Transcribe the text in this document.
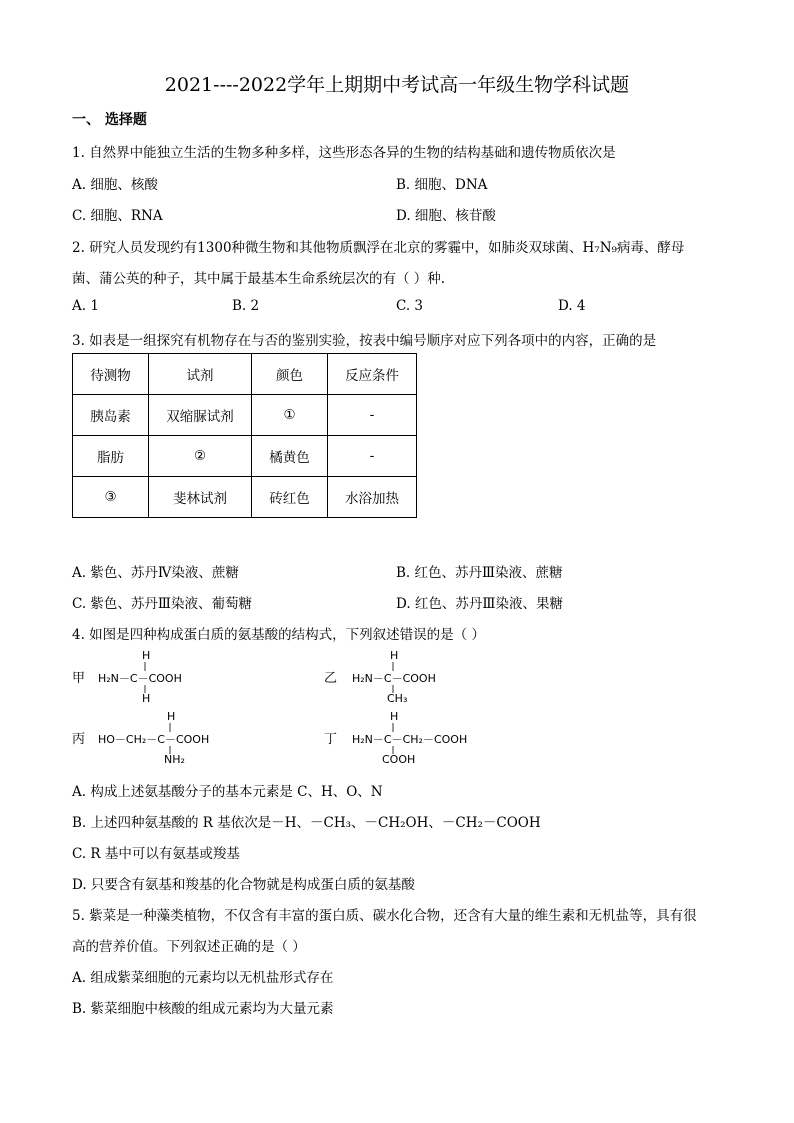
2021----2022学年上期期中考试高一年级生物学科试题
一、 选择题
1. 自然界中能独立生活的生物多种多样，这些形态各异的生物的结构基础和遗传物质依次是
A. 细胞、核酸	B. 细胞、DNA
C. 细胞、RNA	D. 细胞、核苷酸
2. 研究人员发现约有1300种微生物和其他物质飘浮在北京的雾霾中，如肺炎双球菌、H₇N₉病毒、酵母
菌、蒲公英的种子，其中属于最基本生命系统层次的有（ ）种.
A. 1	B. 2	C. 3	D. 4
3. 如表是一组探究有机物存在与否的鉴别实验，按表中编号顺序对应下列各项中的内容，正确的是
待测物	试剂	颜色	反应条件
胰岛素	双缩脲试剂	①	-
脂肪	②	橘黄色	-
③	斐林试剂	砖红色	水浴加热
A. 紫色、苏丹Ⅳ染液、蔗糖	B. 红色、苏丹Ⅲ染液、蔗糖
C. 紫色、苏丹Ⅲ染液、葡萄糖	D. 红色、苏丹Ⅲ染液、果糖
4. 如图是四种构成蛋白质的氨基酸的结构式，下列叙述错误的是（ ）
甲
H
H₂N－C－COOH
H
丙
H
HO－CH₂－C－COOH
NH₂
乙
H
H₂N－C－COOH
CH₃
丁
H
H₂N－C－CH₂－COOH
COOH
A. 构成上述氨基酸分子的基本元素是 C、H、O、N
B. 上述四种氨基酸的 R 基依次是－H、－CH₃、－CH₂OH、－CH₂－COOH
C. R 基中可以有氨基或羧基
D. 只要含有氨基和羧基的化合物就是构成蛋白质的氨基酸
5. 紫菜是一种藻类植物，不仅含有丰富的蛋白质、碳水化合物，还含有大量的维生素和无机盐等，具有很
高的营养价值。下列叙述正确的是（ ）
A. 组成紫菜细胞的元素均以无机盐形式存在
B. 紫菜细胞中核酸的组成元素均为大量元素
